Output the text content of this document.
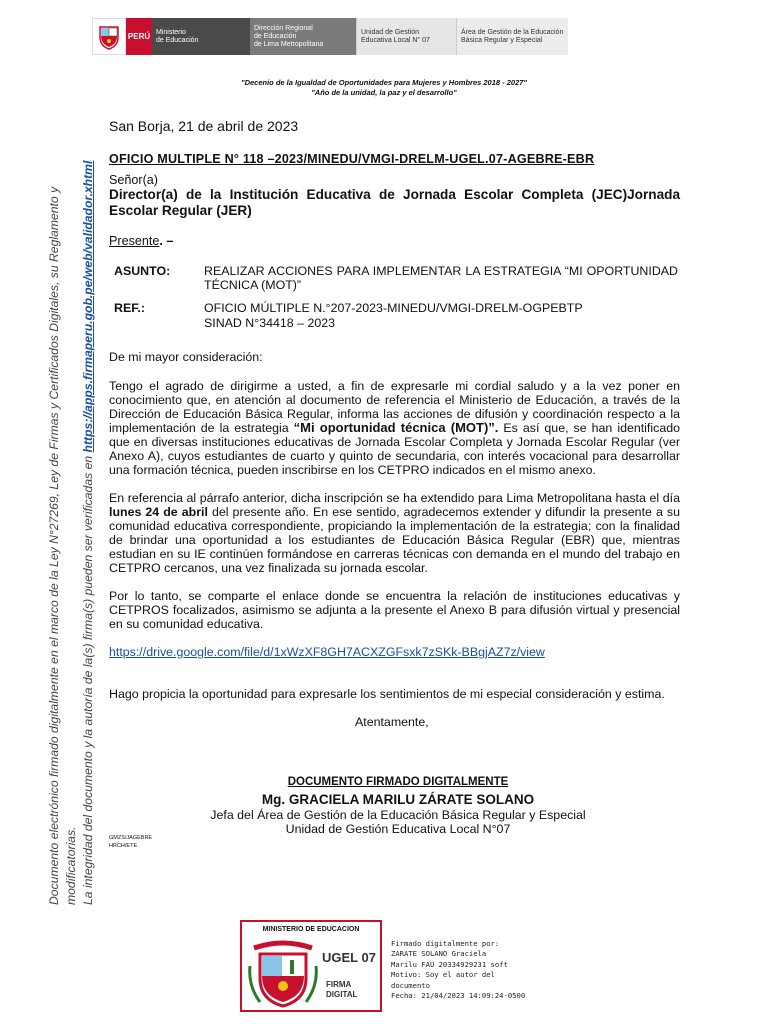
PERÚ Ministerio
de Educación
Dirección Regional
de Educación
de Lima Metropolitana
Unidad de Gestión
Educativa Local N° 07
Área de Gestión de la Educación
Básica Regular y Especial
"Decenio de la Igualdad de Oportunidades para Mujeres y Hombres 2018 - 2027"
"Año de la unidad, la paz y el desarrollo"
Documento electrónico firmado digitalmente en el marco de la Ley N°27269, Ley de Firmas y Certificados Digitales, su Reglamento y modificatorias. La integridad del documento y la autoría de la(s) firma(s) pueden ser verificadas en https://apps.firmaperu.gob.pe/web/validador.xhtml
San Borja, 21 de abril de 2023
OFICIO MULTIPLE N° 118 –2023/MINEDU/VMGI-DRELM-UGEL.07-AGEBRE-EBR
Señor(a)
Director(a) de la Institución Educativa de Jornada Escolar Completa (JEC)Jornada Escolar Regular (JER)
Presente. –
ASUNTO:	REALIZAR ACCIONES PARA IMPLEMENTAR LA ESTRATEGIA “MI OPORTUNIDAD TÉCNICA (MOT)”
REF.:	OFICIO MÚLTIPLE N.°207-2023-MINEDU/VMGI-DRELM-OGPEBTP
SINAD N°34418 – 2023
De mi mayor consideración:
Tengo el agrado de dirigirme a usted, a fin de expresarle mi cordial saludo y a la vez poner en conocimiento que, en atención al documento de referencia el Ministerio de Educación, a través de la Dirección de Educación Básica Regular, informa las acciones de difusión y coordinación respecto a la implementación de la estrategia “Mi oportunidad técnica (MOT)”. Es así que, se han identificado que en diversas instituciones educativas de Jornada Escolar Completa y Jornada Escolar Regular (ver Anexo A), cuyos estudiantes de cuarto y quinto de secundaria, con interés vocacional para desarrollar una formación técnica, pueden inscribirse en los CETPRO indicados en el mismo anexo.
En referencia al párrafo anterior, dicha inscripción se ha extendido para Lima Metropolitana hasta el día lunes 24 de abril del presente año. En ese sentido, agradecemos extender y difundir la presente a su comunidad educativa correspondiente, propiciando la implementación de la estrategia; con la finalidad de brindar una oportunidad a los estudiantes de Educación Básica Regular (EBR) que, mientras estudian en su IE continúen formándose en carreras técnicas con demanda en el mundo del trabajo en CETPRO cercanos, una vez finalizada su jornada escolar.
Por lo tanto, se comparte el enlace donde se encuentra la relación de instituciones educativas y CETPROS focalizados, asimismo se adjunta a la presente el Anexo B para difusión virtual y presencial en su comunidad educativa.
https://drive.google.com/file/d/1xWzXF8GH7ACXZGFsxk7zSKk-BBgjAZ7z/view
Hago propicia la oportunidad para expresarle los sentimientos de mi especial consideración y estima.
Atentamente,
DOCUMENTO FIRMADO DIGITALMENTE
Mg. GRACIELA MARILU ZÁRATE SOLANO
Jefa del Área de Gestión de la Educación Básica Regular y Especial
Unidad de Gestión Educativa Local N°07
GMZS/JAGEBRE
HRCH/ETE
MINISTERIO DE EDUCACION
UGEL 07
FIRMA
DIGITAL
Firmado digitalmente por:
ZARATE SOLANO Graciela
Marilu FAU 20334929231 soft
Motivo: Soy el autor del
documento
Fecha: 21/04/2023 14:09:24-0500
